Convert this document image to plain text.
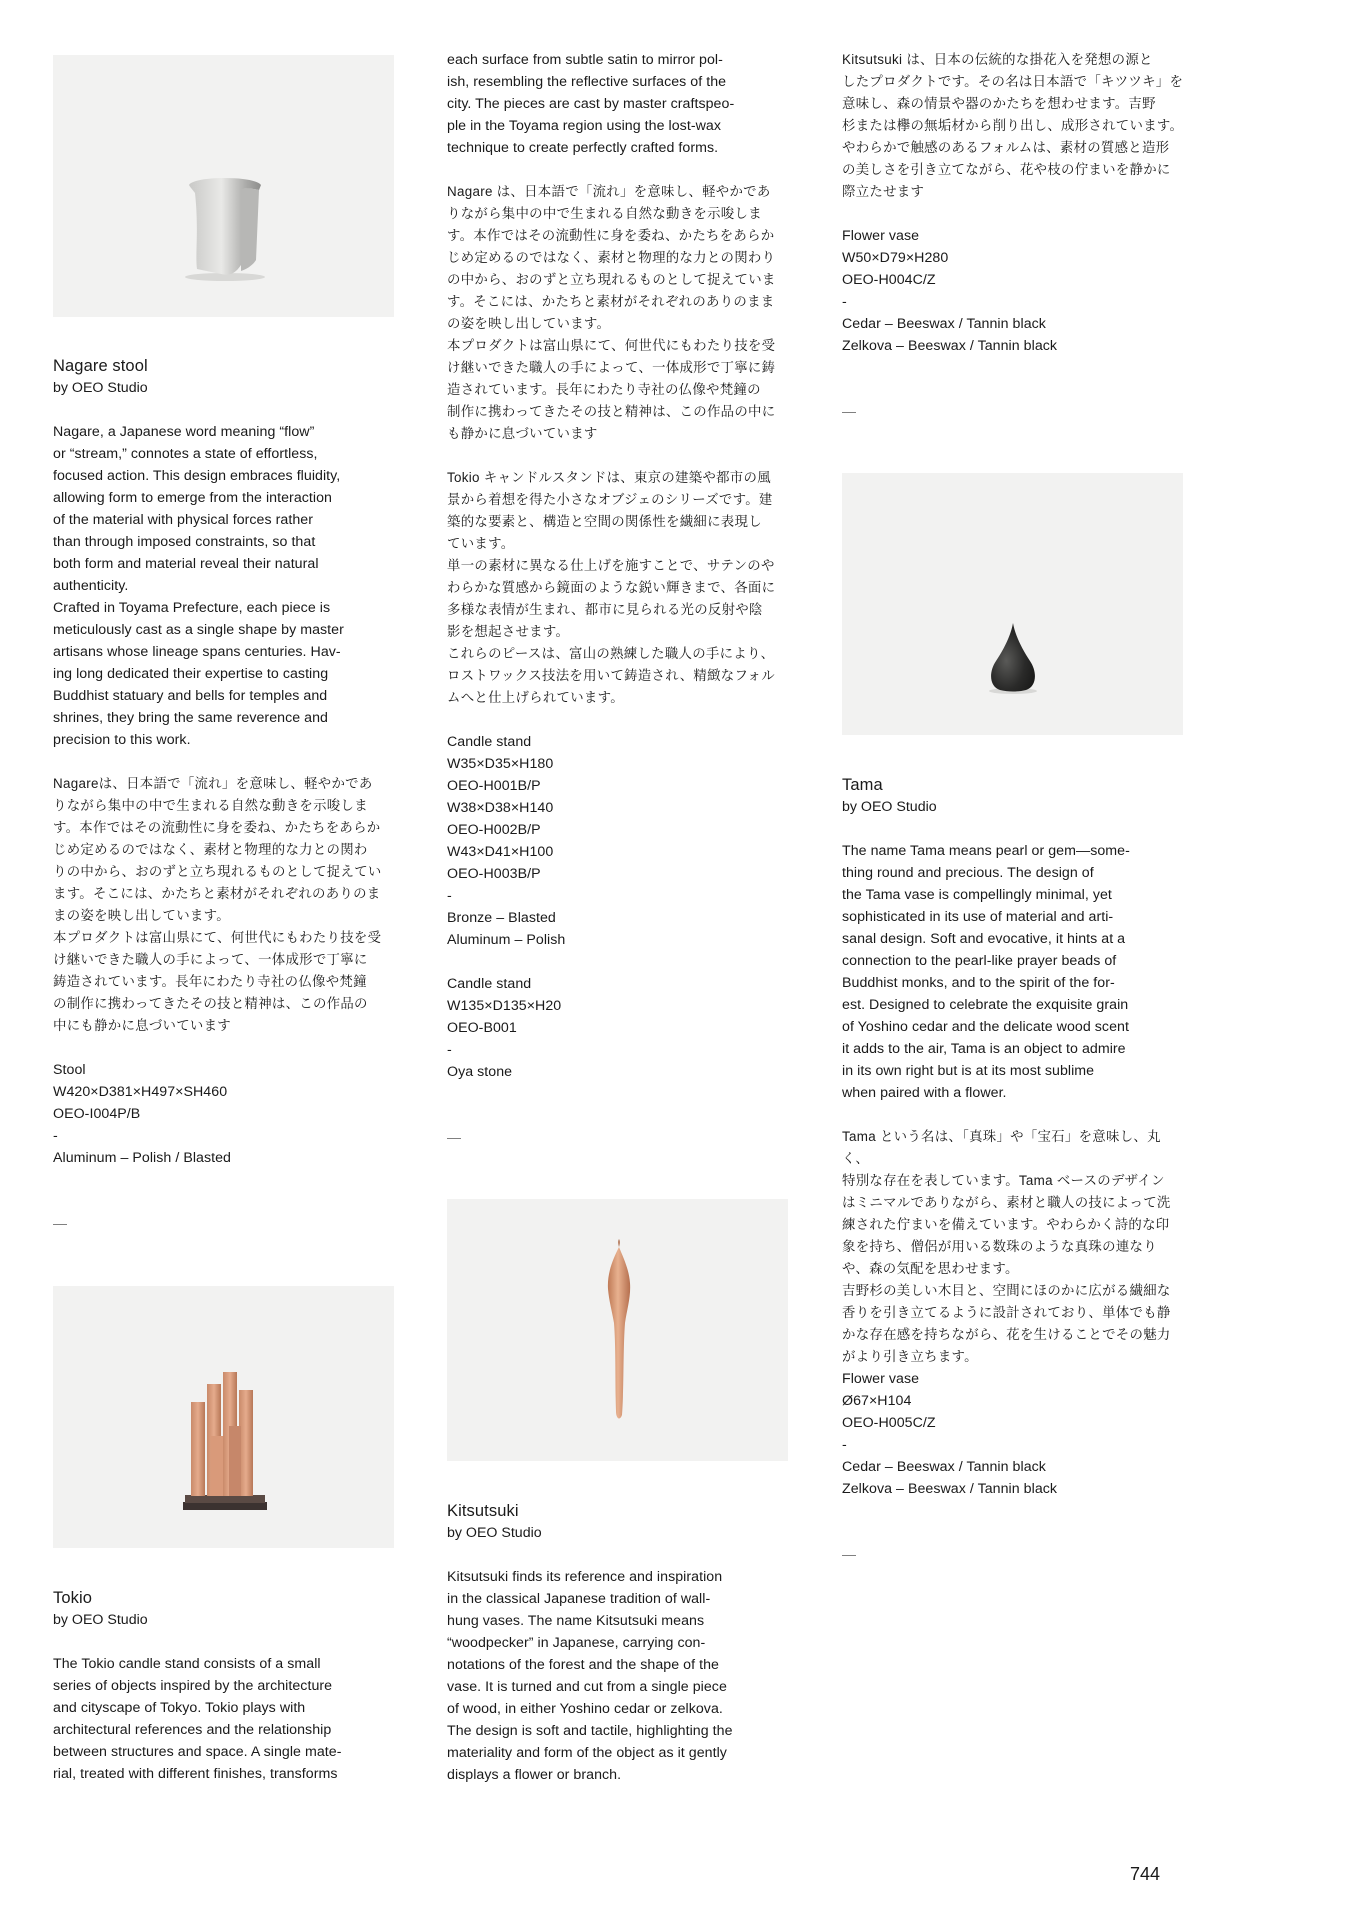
Nagare stool

by OEO Studio

Nagare, a Japanese word meaning “flow”
or “stream,” connotes a state of effortless,
focused action. This design embraces fluidity,
allowing form to emerge from the interaction
of the material with physical forces rather
than through imposed constraints, so that
both form and material reveal their natural
authenticity.
Crafted in Toyama Prefecture, each piece is
meticulously cast as a single shape by master
artisans whose lineage spans centuries. Hav-
ing long dedicated their expertise to casting
Buddhist statuary and bells for temples and
shrines, they bring the same reverence and
precision to this work.

Nagareは、日本語で「流れ」を意味し、軽やかであ
りながら集中の中で生まれる自然な動きを示唆しま
す。本作ではその流動性に身を委ね、かたちをあらか
じめ定めるのではなく、素材と物理的な力との関わ
りの中から、おのずと立ち現れるものとして捉えてい
ます。そこには、かたちと素材がそれぞれのありのま
まの姿を映し出しています。
本プロダクトは富山県にて、何世代にもわたり技を受
け継いできた職人の手によって、一体成形で丁寧に
鋳造されています。長年にわたり寺社の仏像や梵鐘
の制作に携わってきたその技と精神は、この作品の
中にも静かに息づいています

Stool
W420×D381×H497×SH460
OEO-I004P/B
-
Aluminum – Polish / Blasted

—

Tokio

by OEO Studio

The Tokio candle stand consists of a small
series of objects inspired by the architecture
and cityscape of Tokyo. Tokio plays with
architectural references and the relationship
between structures and space. A single mate-
rial, treated with different finishes, transforms

each surface from subtle satin to mirror pol-
ish, resembling the reflective surfaces of the
city. The pieces are cast by master craftspeo-
ple in the Toyama region using the lost-wax
technique to create perfectly crafted forms.

Nagare は、日本語で「流れ」を意味し、軽やかであ
りながら集中の中で生まれる自然な動きを示唆しま
す。本作ではその流動性に身を委ね、かたちをあらか
じめ定めるのではなく、素材と物理的な力との関わり
の中から、おのずと立ち現れるものとして捉えていま
す。そこには、かたちと素材がそれぞれのありのまま
の姿を映し出しています。
本プロダクトは富山県にて、何世代にもわたり技を受
け継いできた職人の手によって、一体成形で丁寧に鋳
造されています。長年にわたり寺社の仏像や梵鐘の
制作に携わってきたその技と精神は、この作品の中に
も静かに息づいています

Tokio キャンドルスタンドは、東京の建築や都市の風
景から着想を得た小さなオブジェのシリーズです。建
築的な要素と、構造と空間の関係性を繊細に表現し
ています。
単一の素材に異なる仕上げを施すことで、サテンのや
わらかな質感から鏡面のような鋭い輝きまで、各面に
多様な表情が生まれ、都市に見られる光の反射や陰
影を想起させます。
これらのピースは、富山の熟練した職人の手により、
ロストワックス技法を用いて鋳造され、精緻なフォル
ムへと仕上げられています。

Candle stand
W35×D35×H180
OEO-H001B/P
W38×D38×H140
OEO-H002B/P
W43×D41×H100
OEO-H003B/P
-
Bronze – Blasted
Aluminum – Polish

Candle stand
W135×D135×H20
OEO-B001
-
Oya stone

—

Kitsutsuki

by OEO Studio

Kitsutsuki finds its reference and inspiration
in the classical Japanese tradition of wall-
hung vases. The name Kitsutsuki means
“woodpecker” in Japanese, carrying con-
notations of the forest and the shape of the
vase. It is turned and cut from a single piece
of wood, in either Yoshino cedar or zelkova.
The design is soft and tactile, highlighting the
materiality and form of the object as it gently
displays a flower or branch.

Kitsutsuki は、日本の伝統的な掛花入を発想の源と
したプロダクトです。その名は日本語で「キツツキ」を
意味し、森の情景や器のかたちを想わせます。吉野
杉または欅の無垢材から削り出し、成形されています。
やわらかで触感のあるフォルムは、素材の質感と造形
の美しさを引き立てながら、花や枝の佇まいを静かに
際立たせます

Flower vase
W50×D79×H280
OEO-H004C/Z
-
Cedar – Beeswax / Tannin black
Zelkova – Beeswax / Tannin black

—

Tama

by OEO Studio

The name Tama means pearl or gem—some-
thing round and precious. The design of
the Tama vase is compellingly minimal, yet
sophisticated in its use of material and arti-
sanal design. Soft and evocative, it hints at a
connection to the pearl-like prayer beads of
Buddhist monks, and to the spirit of the for-
est. Designed to celebrate the exquisite grain
of Yoshino cedar and the delicate wood scent
it adds to the air, Tama is an object to admire
in its own right but is at its most sublime
when paired with a flower.

Tama という名は、「真珠」や「宝石」を意味し、丸く、
特別な存在を表しています。Tama ベースのデザイン
はミニマルでありながら、素材と職人の技によって洗
練された佇まいを備えています。やわらかく詩的な印
象を持ち、僧侶が用いる数珠のような真珠の連なり
や、森の気配を思わせます。
吉野杉の美しい木目と、空間にほのかに広がる繊細な
香りを引き立てるように設計されており、単体でも静
かな存在感を持ちながら、花を生けることでその魅力
がより引き立ちます。

Flower vase
Ø67×H104
OEO-H005C/Z
-
Cedar – Beeswax / Tannin black
Zelkova – Beeswax / Tannin black

—
744
